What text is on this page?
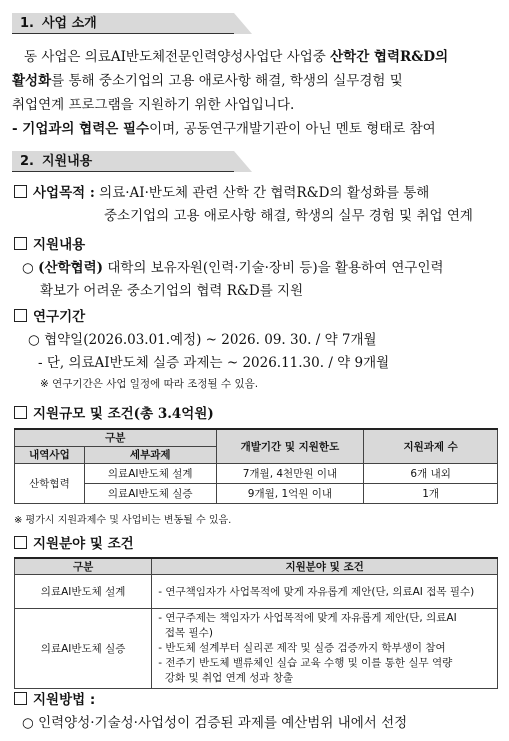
1. 사업 소개
동 사업은 의료AI반도체전문인력양성사업단 사업중 산학간 협력R&D의
활성화를 통해 중소기업의 고용 애로사항 해결, 학생의 실무경험 및
취업연계 프로그램을 지원하기 위한 사업입니다.
- 기업과의 협력은 필수이며, 공동연구개발기관이 아닌 멘토 형태로 참여
2. 지원내용
사업목적 : 의료·AI·반도체 관련 산학 간 협력R&D의 활성화를 통해
중소기업의 고용 애로사항 해결, 학생의 실무 경험 및 취업 연계
지원내용
○ (산학협력) 대학의 보유자원(인력·기술·장비 등)을 활용하여 연구인력
확보가 어려운 중소기업의 협력 R&D를 지원
연구기간
○ 협약일(2026.03.01.예정) ~ 2026. 09. 30. / 약 7개월
- 단, 의료AI반도체 실증 과제는 ~ 2026.11.30. / 약 9개월
※ 연구기간은 사업 일정에 따라 조정될 수 있음.
지원규모 및 조건(총 3.4억원)
구분		개발기간 및 지원한도	지원과제 수
내역사업	세부과제		
산학협력	의료AI반도체 설계	7개월, 4천만원 이내	6개 내외
	의료AI반도체 실증	9개월, 1억원 이내	1개
※ 평가시 지원과제수 및 사업비는 변동될 수 있음.
지원분야 및 조건
구분	지원분야 및 조건
의료AI반도체 설계	- 연구책임자가 사업목적에 맞게 자유롭게 제안(단, 의료AI 접목 필수)
의료AI반도체 실증	- 연구주제는 책임자가 사업목적에 맞게 자유롭게 제안(단, 의료AI
접목 필수)
- 반도체 설계부터 실리콘 제작 및 실증 검증까지 학부생이 참여
- 전주기 반도체 밸류체인 실습 교육 수행 및 이를 통한 실무 역량
강화 및 취업 연계 성과 창출
지원방법 :
○ 인력양성·기술성·사업성이 검증된 과제를 예산범위 내에서 선정
